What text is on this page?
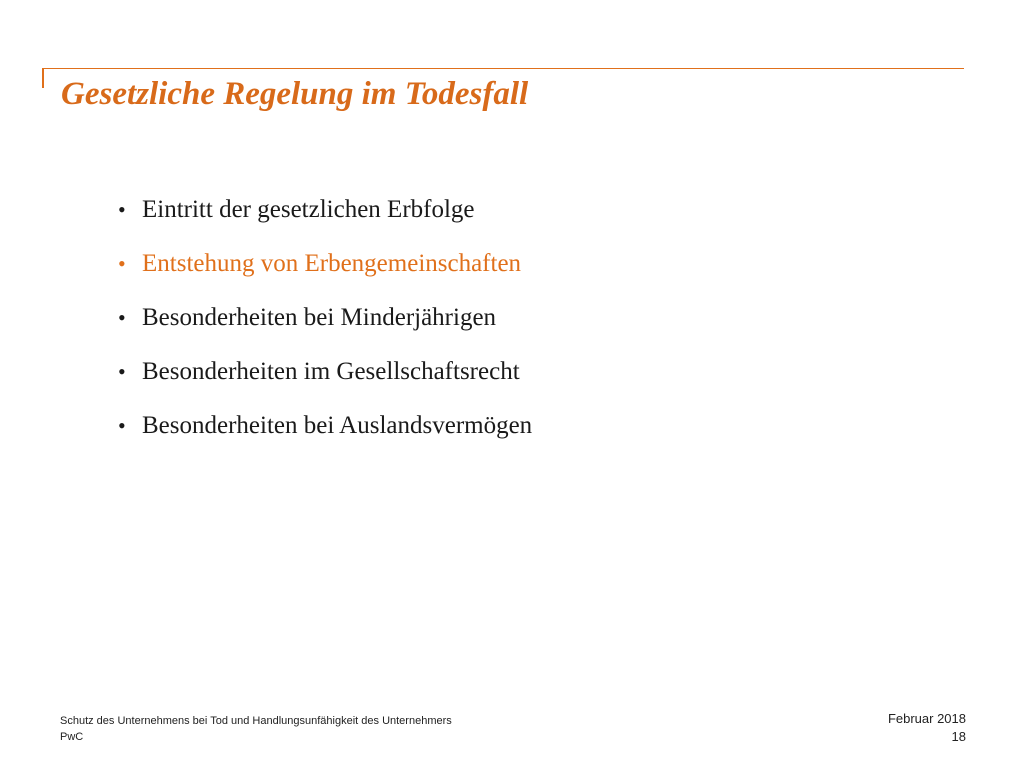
Gesetzliche Regelung im Todesfall
• Eintritt der gesetzlichen Erbfolge
• Entstehung von Erbengemeinschaften
• Besonderheiten bei Minderjährigen
• Besonderheiten im Gesellschaftsrecht
• Besonderheiten bei Auslandsvermögen
Schutz des Unternehmens bei Tod und Handlungsunfähigkeit des Unternehmers
PwC
Februar 2018
18
